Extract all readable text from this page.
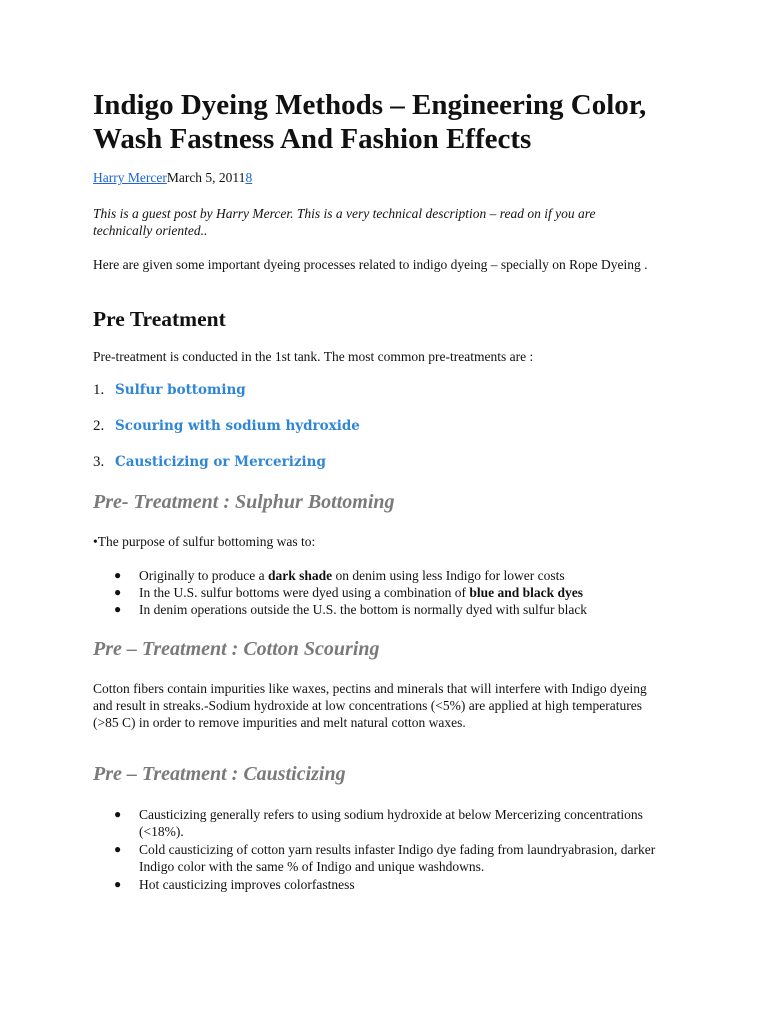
Indigo Dyeing Methods – Engineering Color, Wash Fastness And Fashion Effects
Harry MercerMarch 5, 20118

This is a guest post by Harry Mercer. This is a very technical description – read on if you are technically oriented..

Here are given some important dyeing processes related to indigo dyeing – specially on Rope Dyeing .

Pre Treatment

Pre-treatment is conducted in the 1st tank. The most common pre-treatments are :

1. Sulfur bottoming
2. Scouring with sodium hydroxide
3. Causticizing or Mercerizing
Pre- Treatment : Sulphur Bottoming

•The purpose of sulfur bottoming was to:

● Originally to produce a dark shade on denim using less Indigo for lower costs
● In the U.S. sulfur bottoms were dyed using a combination of blue and black dyes
● In denim operations outside the U.S. the bottom is normally dyed with sulfur black
Pre – Treatment : Cotton Scouring

Cotton fibers contain impurities like waxes, pectins and minerals that will interfere with Indigo dyeing and result in streaks.-Sodium hydroxide at low concentrations (<5%) are applied at high temperatures (>85 C) in order to remove impurities and melt natural cotton waxes.

Pre – Treatment : Causticizing
● Causticizing generally refers to using sodium hydroxide at below Mercerizing concentrations (<18%).
● Cold causticizing of cotton yarn results infaster Indigo dye fading from laundryabrasion, darker Indigo color with the same % of Indigo and unique washdowns.
● Hot causticizing improves colorfastness
